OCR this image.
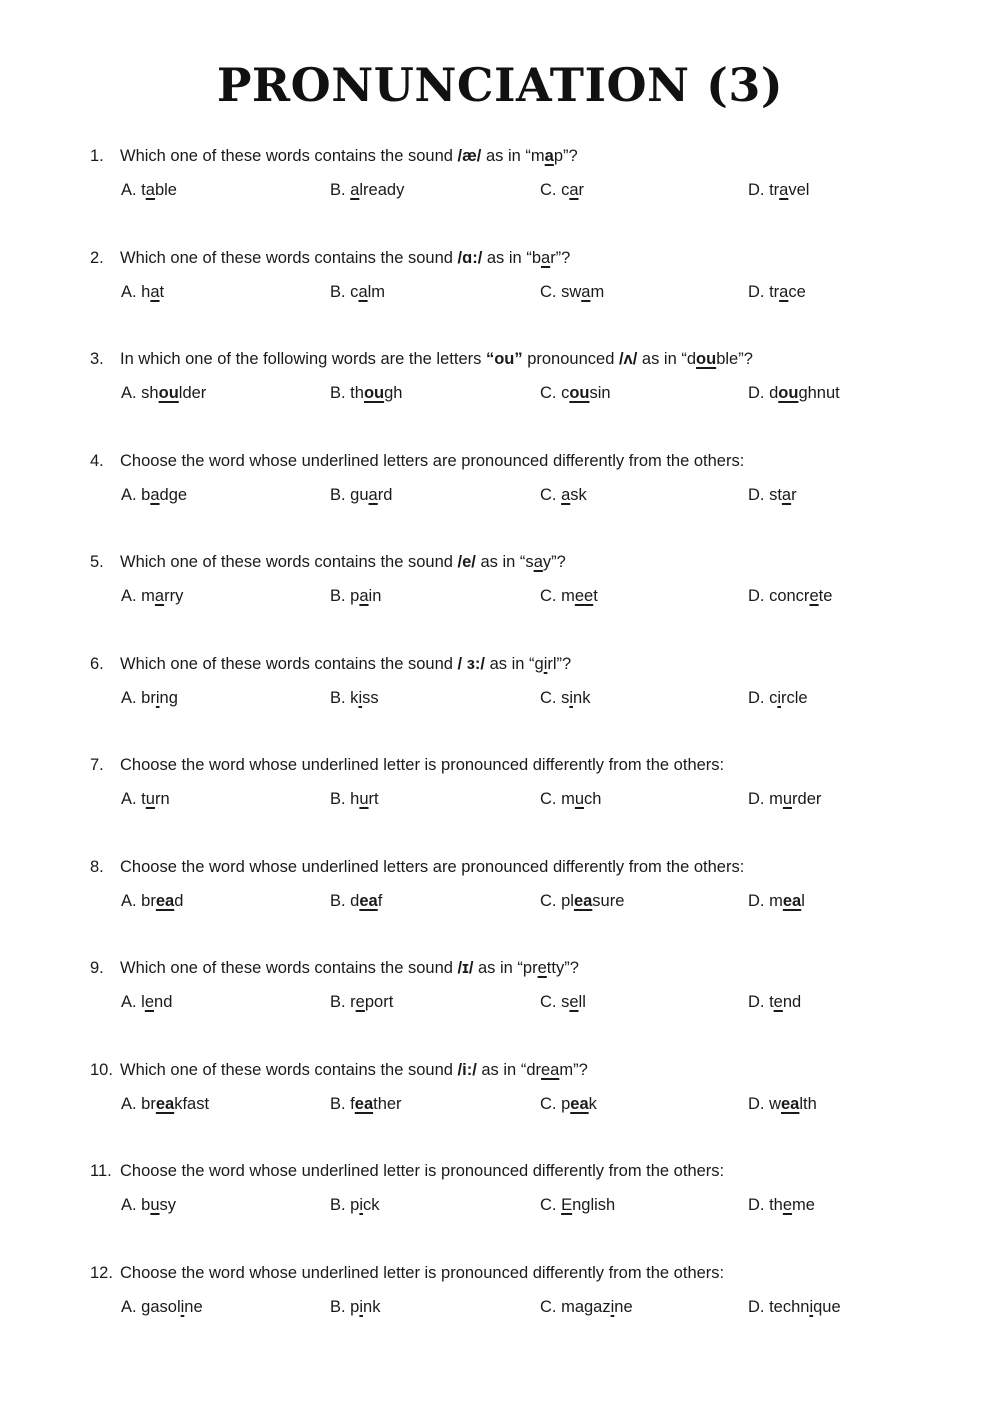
PRONUNCIATION (3)
1. Which one of these words contains the sound /æ/ as in “map”?
A. table	B. already	C. car	D. travel
2. Which one of these words contains the sound /ɑ:/ as in “bar”?
A. hat	B. calm	C. swam	D. trace
3. In which one of the following words are the letters “ou” pronounced /ʌ/ as in “double”?
A. shoulder	B. though	C. cousin	D. doughnut
4. Choose the word whose underlined letters are pronounced differently from the others:
A. badge	B. guard	C. ask	D. star
5. Which one of these words contains the sound /e/ as in “say”?
A. marry	B. pain	C. meet	D. concrete
6. Which one of these words contains the sound / ɜ:/ as in “girl”?
A. bring	B. kiss	C. sink	D. circle
7. Choose the word whose underlined letter is pronounced differently from the others:
A. turn	B. hurt	C. much	D. murder
8. Choose the word whose underlined letters are pronounced differently from the others:
A. bread	B. deaf	C. pleasure	D. meal
9. Which one of these words contains the sound /ɪ/ as in “pretty”?
A. lend	B. report	C. sell	D. tend
10. Which one of these words contains the sound /i:/ as in “dream”?
A. breakfast	B. feather	C. peak	D. wealth
11. Choose the word whose underlined letter is pronounced differently from the others:
A. busy	B. pick	C. English	D. theme
12. Choose the word whose underlined letter is pronounced differently from the others:
A. gasoline	B. pink	C. magazine	D. technique
